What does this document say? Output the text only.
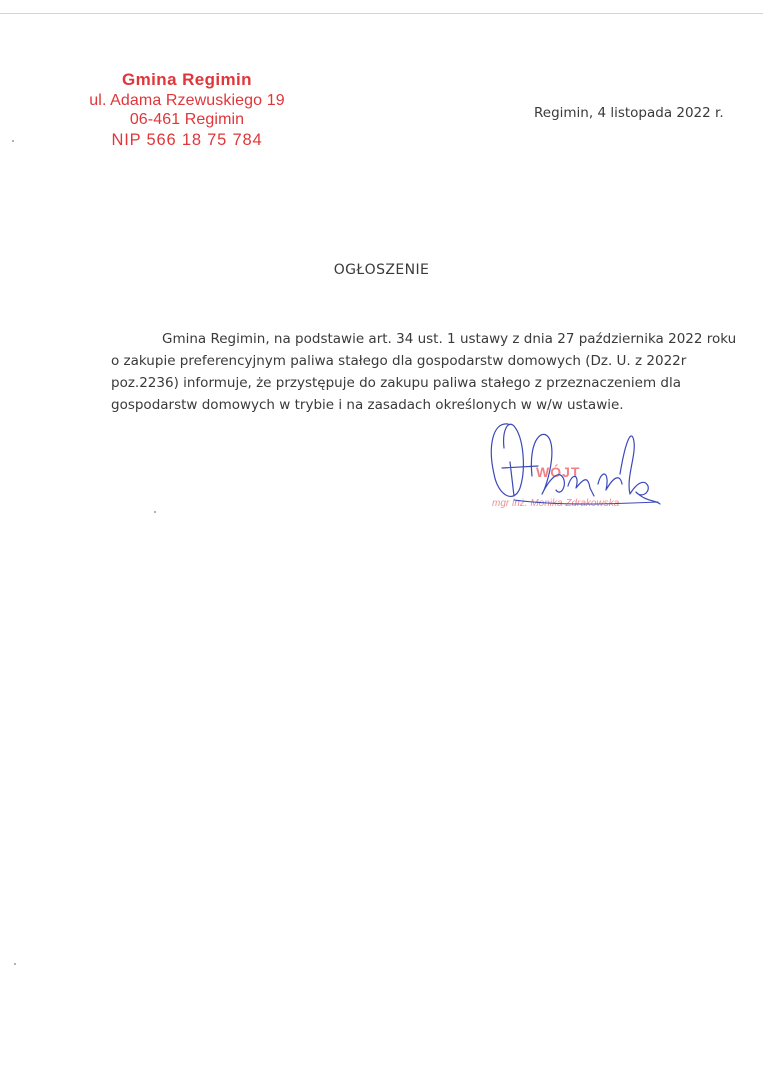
Gmina Regimin
ul. Adama Rzewuskiego 19
06-461 Regimin
NIP 566 18 75 784
Regimin, 4 listopada 2022 r.
OGŁOSZENIE
Gmina Regimin, na podstawie art. 34 ust. 1 ustawy z dnia 27 października 2022 roku
o zakupie preferencyjnym paliwa stałego dla gospodarstw domowych (Dz. U. z 2022r
poz.2236) informuje, że przystępuje do zakupu paliwa stałego z przeznaczeniem dla
gospodarstw domowych w trybie i na zasadach określonych w w/w ustawie.
WÓJT
mgr inż. Monika Zdrakowska
